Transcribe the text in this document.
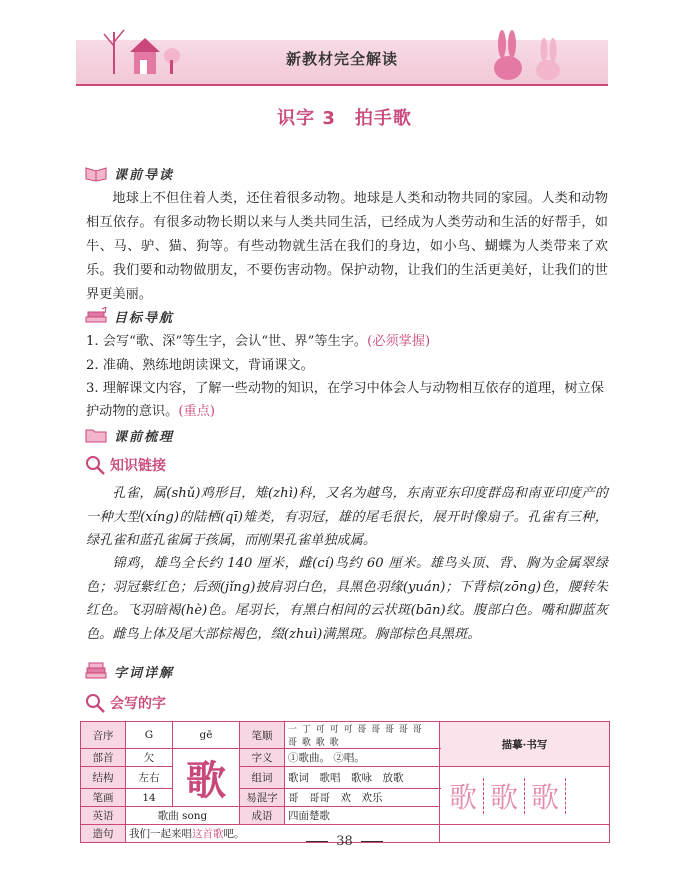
新教材完全解读
识字 3　拍手歌
课前导读
地球上不但住着人类，还住着很多动物。地球是人类和动物共同的家园。人类和动物相互依存。有很多动物长期以来与人类共同生活，已经成为人类劳动和生活的好帮手，如牛、马、驴、猫、狗等。有些动物就生活在我们的身边，如小鸟、蝴蝶为人类带来了欢乐。我们要和动物做朋友，不要伤害动物。保护动物，让我们的生活更美好，让我们的世界更美丽。
目标导航
1. 会写“歌、深”等生字，会认“世、界”等生字。(必须掌握)
2. 准确、熟练地朗读课文，背诵课文。
3. 理解课文内容，了解一些动物的知识，在学习中体会人与动物相互依存的道理，树立保护动物的意识。(重点)
课前梳理
知识链接
孔雀，属(shǔ)鸡形目，雉(zhì)科，又名为越鸟，东南亚东印度群岛和南亚印度产的一种大型(xíng)的陆栖(qī)雉类，有羽冠，雄的尾毛很长，展开时像扇子。孔雀有三种，绿孔雀和蓝孔雀属于孩属，而刚果孔雀单独成属。
锦鸡，雄鸟全长约 140 厘米，雌(cí)鸟约 60 厘米。雄鸟头顶、背、胸为金属翠绿色；羽冠紫红色；后颈(jǐng)披肩羽白色，具黑色羽缘(yuán)；下背棕(zōng)色，腰转朱红色。飞羽暗褐(hè)色。尾羽长，有黑白相间的云状斑(bān)纹。腹部白色。嘴和脚蓝灰色。雌鸟上体及尾大部棕褐色，缀(zhuì)满黑斑。胸部棕色具黑斑。
字词详解
会写的字
音序	G	gē	笔顺	一 丁 可 可 可 哥 哥 哥 哥 哥 哥 歌 歌 歌	描摹·书写
部首	欠	歌	字义	①歌曲。 ②唱。	
结构	左右		组词	歌词　歌唱　歌咏　放歌	歌 歌 歌

笔画	14		易混字	哥　哥哥　欢　欢乐	
英语	歌曲 song		成语	四面楚歌	
造句	我们一起来唱这首歌吧。					38
